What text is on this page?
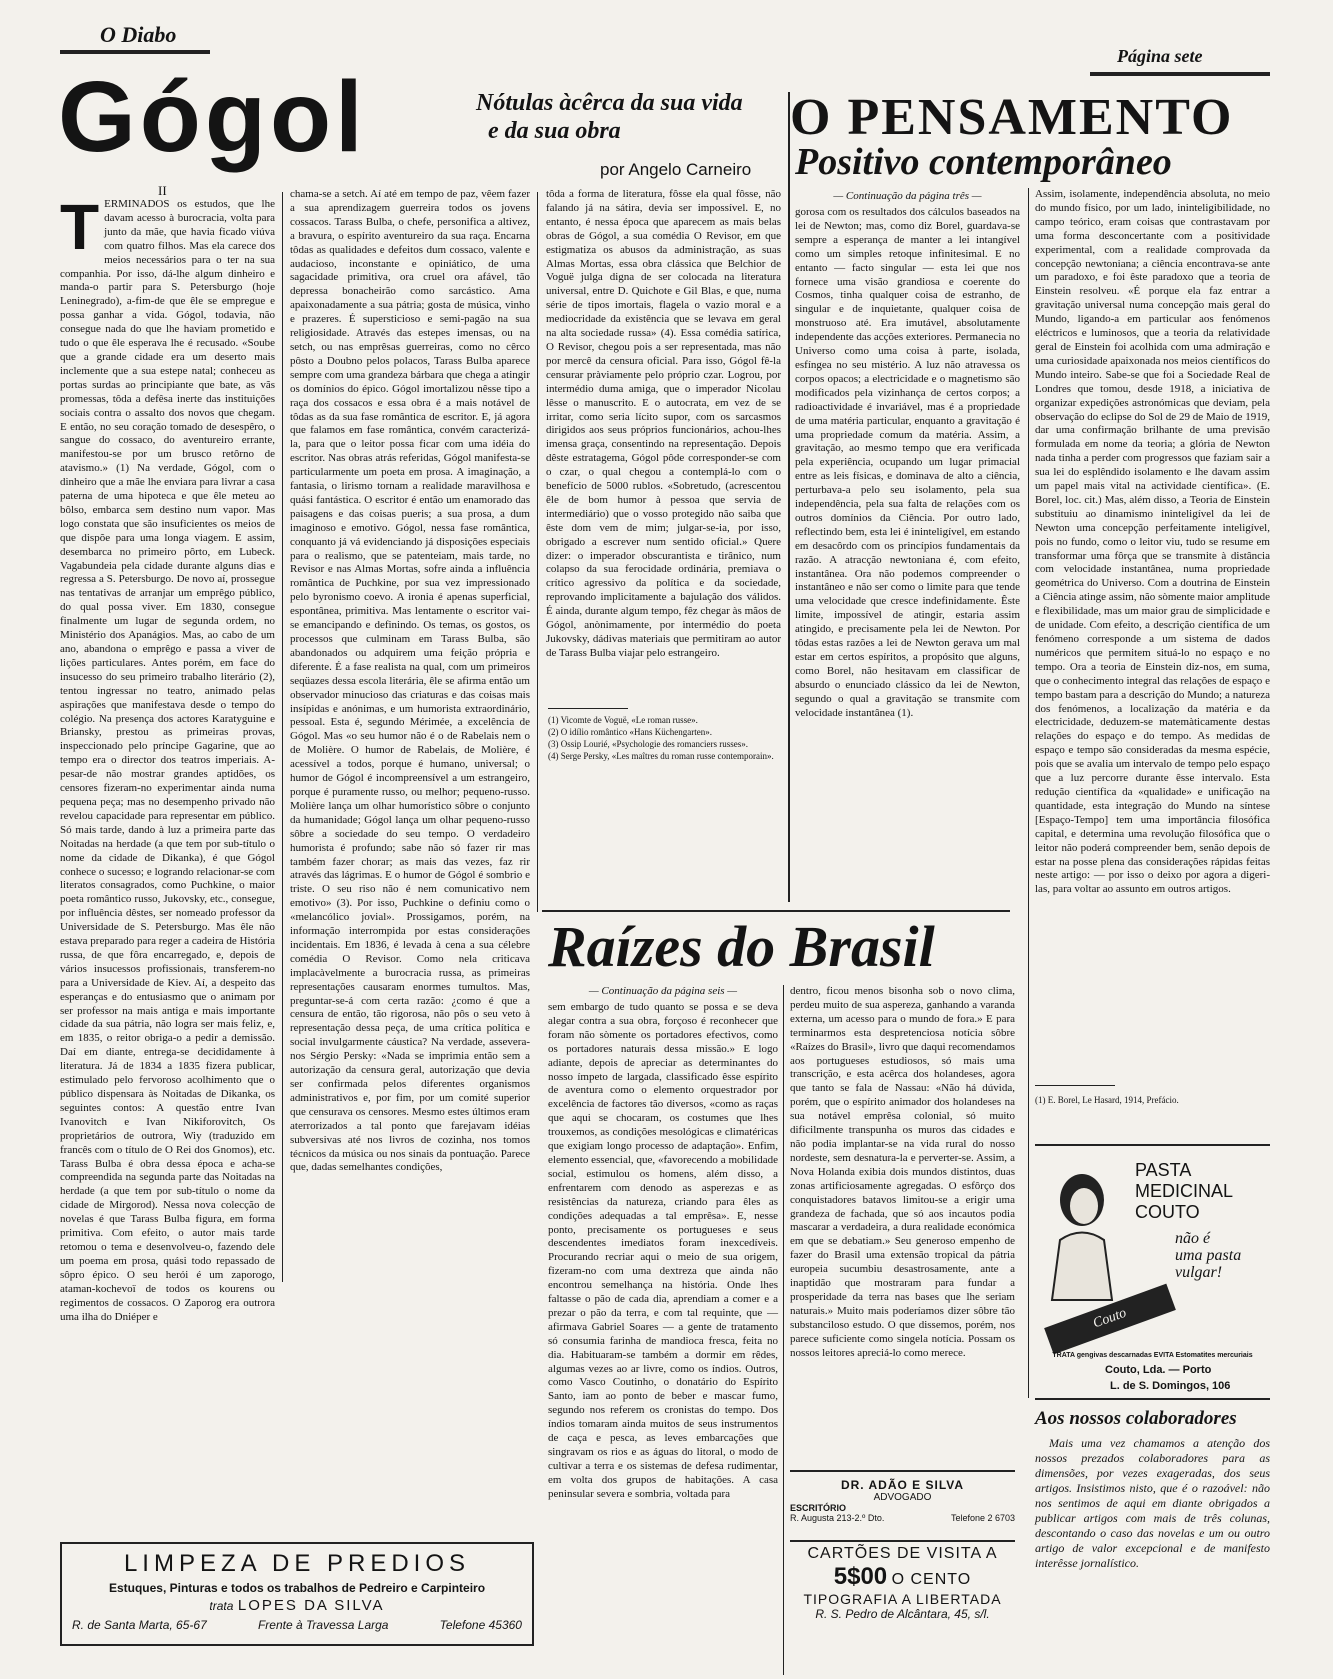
O Diabo
Página sete
Gógol	Nótulas àcêrca da sua vida
e da sua obra
por Angelo Carneiro
II
T ERMINADOS os estudos, que lhe davam acesso à burocracia, volta para junto da mãe, que havia ficado viúva com quatro filhos. Mas ela carece dos meios necessários para o ter na sua companhia. Por isso, dá-lhe algum dinheiro e manda-o partir para S. Petersburgo (hoje Leninegrado), a-fim-de que êle se empregue e possa ganhar a vida. Gógol, todavia, não consegue nada do que lhe haviam prometido e tudo o que êle esperava lhe é recusado. «Soube que a grande cidade era um deserto mais inclemente que a sua estepe natal; conheceu as portas surdas ao principiante que bate, as vãs promessas, tôda a defêsa inerte das instituições sociais contra o assalto dos novos que chegam. E então, no seu coração tomado de desespêro, o sangue do cossaco, do aventureiro errante, manifestou-se por um brusco retôrno de atavismo.» (1) Na verdade, Gógol, com o dinheiro que a mãe lhe enviara para livrar a casa paterna de uma hipoteca e que êle meteu ao bôlso, embarca sem destino num vapor. Mas logo constata que são insuficientes os meios de que dispõe para uma longa viagem. E assim, desembarca no primeiro pôrto, em Lubeck. Vagabundeia pela cidade durante alguns dias e regressa a S. Petersburgo. De novo aí, prossegue nas tentativas de arranjar um emprêgo público, do qual possa viver. Em 1830, consegue finalmente um lugar de segunda ordem, no Ministério dos Apanágios. Mas, ao cabo de um ano, abandona o emprêgo e passa a viver de lições particulares. Antes porém, em face do insucesso do seu primeiro trabalho literário (2), tentou ingressar no teatro, animado pelas aspirações que manifestava desde o tempo do colégio. Na presença dos actores Karatyguine e Briansky, prestou as primeiras provas, inspeccionado pelo príncipe Gagarine, que ao tempo era o director dos teatros imperiais. A-pesar-de não mostrar grandes aptidões, os censores fizeram-no experimentar ainda numa pequena peça; mas no desempenho privado não revelou capacidade para representar em público. Só mais tarde, dando à luz a primeira parte das Noitadas na herdade (a que tem por sub-título o nome da cidade de Dikanka), é que Gógol conhece o sucesso; e logrando relacionar-se com literatos consagrados, como Puchkine, o maior poeta romântico russo, Jukovsky, etc., consegue, por influência dêstes, ser nomeado professor da Universidade de S. Petersburgo. Mas êle não estava preparado para reger a cadeira de História russa, de que fôra encarregado, e, depois de vários insucessos profissionais, transferem-no para a Universidade de Kiev. Aí, a despeito das esperanças e do entusiasmo que o animam por ser professor na mais antiga e mais importante cidade da sua pátria, não logra ser mais feliz, e, em 1835, o reitor obriga-o a pedir a demissão. Daí em diante, entrega-se decididamente à literatura. Já de 1834 a 1835 fizera publicar, estimulado pelo fervoroso acolhimento que o público dispensara às Noitadas de Dikanka, os seguintes contos: A questão entre Ivan Ivanovitch e Ivan Nikiforovitch, Os proprietários de outrora, Wiy (traduzido em francês com o título de O Rei dos Gnomos), etc. Tarass Bulba é obra dessa época e acha-se compreendida na segunda parte das Noitadas na herdade (a que tem por sub-título o nome da cidade de Mirgorod). Nessa nova colecção de novelas é que Tarass Bulba figura, em forma primitiva. Com efeito, o autor mais tarde retomou o tema e desenvolveu-o, fazendo dele um poema em prosa, quási todo repassado de sôpro épico. O seu herói é um zaporogo, ataman-kochevoï de todos os kourens ou regimentos de cossacos. O Zaporog era outrora uma ilha do Dniéper e

chama-se a setch. Aí até em tempo de paz, vêem fazer a sua aprendizagem guerreira todos os jovens cossacos. Tarass Bulba, o chefe, personifica a altivez, a bravura, o espírito aventureiro da sua raça. Encarna tôdas as qualidades e defeitos dum cossaco, valente e audacioso, inconstante e opiniático, de uma sagacidade primitiva, ora cruel ora afável, tão depressa bonacheirão como sarcástico. Ama apaixonadamente a sua pátria; gosta de música, vinho e prazeres. É supersticioso e semi-pagão na sua religiosidade. Através das estepes imensas, ou na setch, ou nas emprêsas guerreiras, como no cêrco pôsto a Doubno pelos polacos, Tarass Bulba aparece sempre com uma grandeza bárbara que chega a atingir os domínios do épico. Gógol imortalizou nêsse tipo a raça dos cossacos e essa obra é a mais notável de tôdas as da sua fase romântica de escritor. E, já agora que falamos em fase romântica, convém caracterizá-la, para que o leitor possa ficar com uma idéia do escritor. Nas obras atrás referidas, Gógol manifesta-se particularmente um poeta em prosa. A imaginação, a fantasia, o lirismo tornam a realidade maravilhosa e quási fantástica. O escritor é então um enamorado das paisagens e das coisas pueris; a sua prosa, a dum imaginoso e emotivo. Gógol, nessa fase romântica, conquanto já vá evidenciando já disposições especiais para o realismo, que se patenteiam, mais tarde, no Revisor e nas Almas Mortas, sofre ainda a influência romântica de Puchkine, por sua vez impressionado pelo byronismo coevo. A ironia é apenas superficial, espontânea, primitiva. Mas lentamente o escritor vai-se emancipando e definindo. Os temas, os gostos, os processos que culminam em Tarass Bulba, são abandonados ou adquirem uma feição própria e diferente. É a fase realista na qual, com um primeiros seqüazes dessa escola literária, êle se afirma então um observador minucioso das criaturas e das coisas mais insípidas e anónimas, e um humorista extraordinário, pessoal. Esta é, segundo Mérimée, a excelência de Gógol. Mas «o seu humor não é o de Rabelais nem o de Molière. O humor de Rabelais, de Molière, é acessível a todos, porque é humano, universal; o humor de Gógol é incompreensível a um estrangeiro, porque é puramente russo, ou melhor; pequeno-russo. Molière lança um olhar humorístico sôbre o conjunto da humanidade; Gógol lança um olhar pequeno-russo sôbre a sociedade do seu tempo. O verdadeiro humorista é profundo; sabe não só fazer rir mas também fazer chorar; as mais das vezes, faz rir através das lágrimas. E o humor de Gógol é sombrio e triste. O seu riso não é nem comunicativo nem emotivo» (3). Por isso, Puchkine o definiu como o «melancólico jovial». Prossigamos, porém, na informação interrompida por estas considerações incidentais. Em 1836, é levada à cena a sua célebre comédia O Revisor. Como nela criticava implacàvelmente a burocracia russa, as primeiras representações causaram enormes tumultos. Mas, preguntar-se-á com certa razão: ¿como é que a censura de então, tão rigorosa, não pôs o seu veto à representação dessa peça, de uma crítica política e social invulgarmente cáustica? Na verdade, assevera-nos Sérgio Persky: «Nada se imprimia então sem a autorização da censura geral, autorização que devia ser confirmada pelos diferentes organismos administrativos e, por fim, por um comité superior que censurava os censores. Mesmo estes últimos eram aterrorizados a tal ponto que farejavam idéias subversivas até nos livros de cozinha, nos tomos técnicos da música ou nos sinais da pontuação. Parece que, dadas semelhantes condições,

tôda a forma de literatura, fôsse ela qual fôsse, não falando já na sátira, devia ser impossível. E, no entanto, é nessa época que aparecem as mais belas obras de Gógol, a sua comédia O Revisor, em que estigmatiza os abusos da administração, as suas Almas Mortas, essa obra clássica que Belchior de Voguë julga digna de ser colocada na literatura universal, entre D. Quichote e Gil Blas, e que, numa série de tipos imortais, flagela o vazio moral e a mediocridade da existência que se levava em geral na alta sociedade russa» (4). Essa comédia satírica, O Revisor, chegou pois a ser representada, mas não por mercê da censura oficial. Para isso, Gógol fê-la censurar pràviamente pelo próprio czar. Logrou, por intermédio duma amiga, que o imperador Nicolau lêsse o manuscrito. E o autocrata, em vez de se irritar, como seria lícito supor, com os sarcasmos dirigidos aos seus próprios funcionários, achou-lhes imensa graça, consentindo na representação. Depois dêste estratagema, Gógol pôde corresponder-se com o czar, o qual chegou a contemplá-lo com o benefício de 5000 rublos. «Sobretudo, (acrescentou êle de bom humor à pessoa que servia de intermediário) que o vosso protegido não saiba que êste dom vem de mim; julgar-se-ia, por isso, obrigado a escrever num sentido oficial.» Quere dizer: o imperador obscurantista e tirânico, num colapso da sua ferocidade ordinária, premiava o crítico agressivo da política e da sociedade, reprovando implicitamente a bajulação dos válidos. É ainda, durante algum tempo, fêz chegar às mãos de Gógol, anònimamente, por intermédio do poeta Jukovsky, dádivas materiais que permitiram ao autor de Tarass Bulba viajar pelo estrangeiro.

(1) Vicomte de Voguë, «Le roman russe».
(2) O idílio romântico «Hans Küchengarten».
(3) Ossip Lourié, «Psychologie des romanciers russes».
(4) Serge Persky, «Les maîtres du roman russe contemporain».
O PENSAMENTO
Positivo contemporâneo
— Continuação da página três —

gorosa com os resultados dos cálculos baseados na lei de Newton; mas, como diz Borel, guardava-se sempre a esperança de manter a lei intangível como um simples retoque infinitesimal. E no entanto — facto singular — esta lei que nos fornece uma visão grandiosa e coerente do Cosmos, tinha qualquer coisa de estranho, de singular e de inquietante, qualquer coisa de monstruoso até. Era imutável, absolutamente independente das acções exteriores. Permanecia no Universo como uma coisa à parte, isolada, esfíngea no seu mistério. A luz não atravessa os corpos opacos; a electricidade e o magnetismo são modificados pela vizinhança de certos corpos; a radioactividade é invariável, mas é a propriedade de uma matéria particular, enquanto a gravitação é uma propriedade comum da matéria. Assim, a gravitação, ao mesmo tempo que era verificada pela experiência, ocupando um lugar primacial entre as leis físicas, e dominava de alto a ciência, perturbava-a pelo seu isolamento, pela sua independência, pela sua falta de relações com os outros domínios da Ciência. Por outro lado, reflectindo bem, esta lei é ininteligível, em estando em desacôrdo com os princípios fundamentais da razão. A atracção newtoniana é, com efeito, instantânea. Ora não podemos compreender o instantâneo e não ser como o limite para que tende uma velocidade que cresce indefinidamente. Êste limite, impossível de atingir, estaria assim atingido, e precisamente pela lei de Newton. Por tôdas estas razões a lei de Newton gerava um mal estar em certos espíritos, a propósito que alguns, como Borel, não hesitavam em classificar de absurdo o enunciado clássico da lei de Newton, segundo o qual a gravitação se transmite com velocidade instantânea (1).

Assim, isolamente, independência absoluta, no meio do mundo físico, por um lado, ininteligibilidade, no campo teórico, eram coisas que contrastavam por uma forma desconcertante com a positividade experimental, com a realidade comprovada da concepção newtoniana; a ciência encontrava-se ante um paradoxo, e foi êste paradoxo que a teoria de Einstein resolveu. «É porque ela faz entrar a gravitação universal numa concepção mais geral do Mundo, ligando-a em particular aos fenómenos eléctricos e luminosos, que a teoria da relatividade geral de Einstein foi acolhida com uma admiração e uma curiosidade apaixonada nos meios científicos do Mundo inteiro. Sabe-se que foi a Sociedade Real de Londres que tomou, desde 1918, a iniciativa de organizar expedições astronómicas que deviam, pela observação do eclipse do Sol de 29 de Maio de 1919, dar uma confirmação brilhante de uma previsão formulada em nome da teoria; a glória de Newton nada tinha a perder com progressos que faziam sair a sua lei do esplêndido isolamento e lhe davam assim um papel mais vital na actividade científica». (E. Borel, loc. cit.) Mas, além disso, a Teoria de Einstein substituiu ao dinamismo ininteligível da lei de Newton uma concepção perfeitamente inteligível, pois no fundo, como o leitor viu, tudo se resume em transformar uma fôrça que se transmite à distância com velocidade instantânea, numa propriedade geométrica do Universo. Com a doutrina de Einstein a Ciência atinge assim, não sòmente maior amplitude e flexibilidade, mas um maior grau de simplicidade e de unidade. Com efeito, a descrição científica de um fenómeno corresponde a um sistema de dados numéricos que permitem situá-lo no espaço e no tempo. Ora a teoria de Einstein diz-nos, em suma, que o conhecimento integral das relações de espaço e tempo bastam para a descrição do Mundo; a natureza dos fenómenos, a localização da matéria e da electricidade, deduzem-se matemàticamente destas relações do espaço e do tempo. As medidas de espaço e tempo são consideradas da mesma espécie, pois que se avalia um intervalo de tempo pelo espaço que a luz percorre durante êsse intervalo. Esta redução científica da «qualidade» e unificação na quantidade, esta integração do Mundo na síntese [Espaço-Tempo] tem uma importância filosófica capital, e determina uma revolução filosófica que o leitor não poderá compreender bem, senão depois de estar na posse plena das considerações rápidas feitas neste artigo: — por isso o deixo por agora a digeri-las, para voltar ao assunto em outros artigos.

(1) E. Borel, Le Hasard, 1914, Prefácio.
Raízes do Brasil
— Continuação da página seis —

sem embargo de tudo quanto se possa e se deva alegar contra a sua obra, forçoso é reconhecer que foram não sòmente os portadores efectivos, como os portadores naturais dessa missão.» E logo adiante, depois de apreciar as determinantes do nosso ímpeto de largada, classificado êsse espírito de aventura como o elemento orquestrador por excelência de factores tão diversos, «como as raças que aqui se chocaram, os costumes que lhes trouxemos, as condições mesológicas e climatéricas que exigiam longo processo de adaptação». Enfim, elemento essencial, que, «favorecendo a mobilidade social, estimulou os homens, além disso, a enfrentarem com denodo as asperezas e as resistências da natureza, criando para êles as condições adequadas a tal emprêsa». E, nesse ponto, precisamente os portugueses e seus descendentes imediatos foram inexcedíveis. Procurando recriar aqui o meio de sua origem, fizeram-no com uma dextreza que ainda não encontrou semelhança na história. Onde lhes faltasse o pão de cada dia, aprendiam a comer e a prezar o pão da terra, e com tal requinte, que — afirmava Gabriel Soares — a gente de tratamento só consumia farinha de mandioca fresca, feita no dia. Habituaram-se também a dormir em rêdes, algumas vezes ao ar livre, como os índios. Outros, como Vasco Coutinho, o donatário do Espírito Santo, iam ao ponto de beber e mascar fumo, segundo nos referem os cronistas do tempo. Dos índios tomaram ainda muitos de seus instrumentos de caça e pesca, as leves embarcações que singravam os rios e as águas do litoral, o modo de cultivar a terra e os sistemas de defesa rudimentar, em volta dos grupos de habitações. A casa peninsular severa e sombria, voltada para

dentro, ficou menos bisonha sob o novo clima, perdeu muito de sua aspereza, ganhando a varanda externa, um acesso para o mundo de fora.» E para terminarmos esta despretenciosa notícia sôbre «Raízes do Brasil», livro que daqui recomendamos aos portugueses estudiosos, só mais uma transcrição, e esta acêrca dos holandeses, agora que tanto se fala de Nassau: «Não há dúvida, porém, que o espírito animador dos holandeses na sua notável emprêsa colonial, só muito dificilmente transpunha os muros das cidades e não podia implantar-se na vida rural do nosso nordeste, sem desnatura-la e perverter-se. Assim, a Nova Holanda exibia dois mundos distintos, duas zonas artificiosamente agregadas. O esfôrço dos conquistadores batavos limitou-se a erigir uma grandeza de fachada, que só aos incautos podia mascarar a verdadeira, a dura realidade económica em que se debatiam.» Seu generoso empenho de fazer do Brasil uma extensão tropical da pátria europeia sucumbiu desastrosamente, ante a inaptidão que mostraram para fundar a prosperidade da terra nas bases que lhe seriam naturais.» Muito mais poderíamos dizer sôbre tão substanciloso estudo. O que dissemos, porém, nos parece suficiente como singela notícia. Possam os nossos leitores apreciá-lo como merece.

DR. ADÃO E SILVA
ADVOGADO
ESCRITÓRIO
R. Augusta 213-2.º Dto.	Telefone 2 6703
CARTÕES DE VISITA A
5$00 O CENTO
TIPOGRAFIA A LIBERTADA
R. S. Pedro de Alcântara, 45, s/l.
LIMPEZA DE PREDIOS
Estuques, Pinturas e todos os trabalhos de Pedreiro e Carpinteiro
trata LOPES DA SILVA
R. de Santa Marta, 65-67	Frente à Travessa Larga	Telefone 45360
PASTA
MEDICINAL
COUTO
não é
uma pasta
vulgar!
Couto
TRATA gengivas descarnadas EVITA Estomatites mercuriais
Couto, Lda. — Porto
L. de S. Domingos, 106
Aos nossos colaboradores

Mais uma vez chamamos a atenção dos nossos prezados colaboradores para as dimensões, por vezes exageradas, dos seus artigos. Insistimos nisto, que é o razoável: não nos sentimos de aqui em diante obrigados a publicar artigos com mais de três colunas, descontando o caso das novelas e um ou outro artigo de valor excepcional e de manifesto interêsse jornalístico.
